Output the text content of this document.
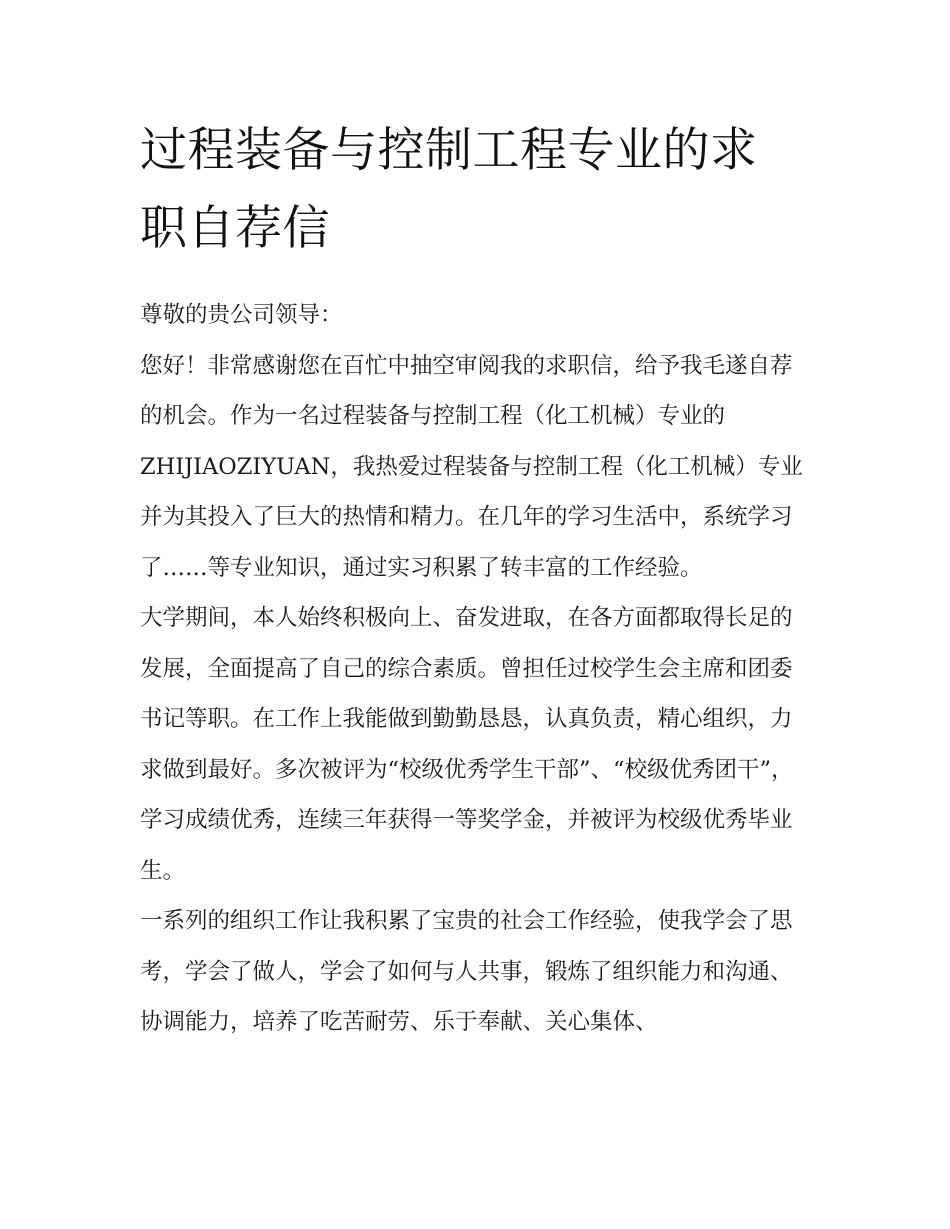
过程装备与控制工程专业的求职自荐信

尊敬的贵公司领导：

您好！非常感谢您在百忙中抽空审阅我的求职信，给予我毛遂自荐的机会。作为一名过程装备与控制工程（化工机械）专业的ZHIJIAOZIYUAN，我热爱过程装备与控制工程（化工机械）专业并为其投入了巨大的热情和精力。在几年的学习生活中，系统学习了……等专业知识，通过实习积累了转丰富的工作经验。

大学期间，本人始终积极向上、奋发进取，在各方面都取得长足的发展，全面提高了自己的综合素质。曾担任过校学生会主席和团委书记等职。在工作上我能做到勤勤恳恳，认真负责，精心组织，力求做到最好。多次被评为“校级优秀学生干部”、“校级优秀团干”，学习成绩优秀，连续三年获得一等奖学金，并被评为校级优秀毕业生。

一系列的组织工作让我积累了宝贵的社会工作经验，使我学会了思考，学会了做人，学会了如何与人共事，锻炼了组织能力和沟通、协调能力，培养了吃苦耐劳、乐于奉献、关心集体、
